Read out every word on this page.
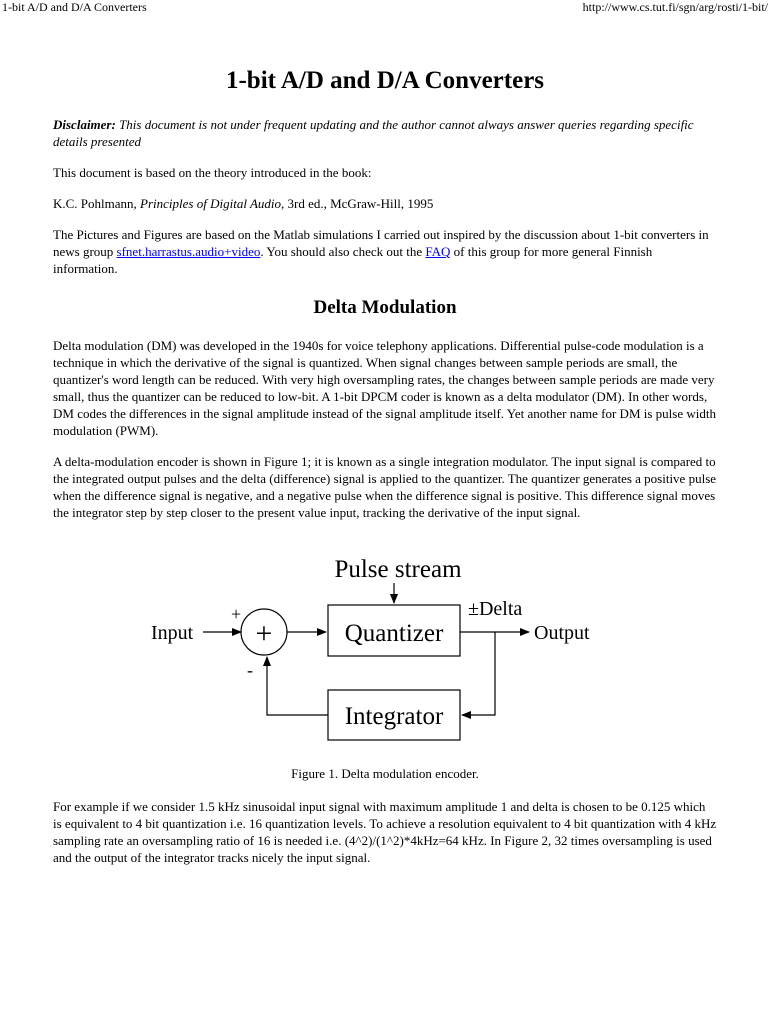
1-bit A/D and D/A Converters	http://www.cs.tut.fi/sgn/arg/rosti/1-bit/
1-bit A/D and D/A Converters

Disclaimer: This document is not under frequent updating and the author cannot always answer queries regarding specific details presented

This document is based on the theory introduced in the book:

K.C. Pohlmann, Principles of Digital Audio, 3rd ed., McGraw-Hill, 1995

The Pictures and Figures are based on the Matlab simulations I carried out inspired by the discussion about 1-bit converters in news group sfnet.harrastus.audio+video. You should also check out the FAQ of this group for more general Finnish information.

Delta Modulation

Delta modulation (DM) was developed in the 1940s for voice telephony applications. Differential pulse-code modulation is a technique in which the derivative of the signal is quantized. When signal changes between sample periods are small, the quantizer's word length can be reduced. With very high oversampling rates, the changes between sample periods are made very small, thus the quantizer can be reduced to low-bit. A 1-bit DPCM coder is known as a delta modulator (DM). In other words, DM codes the differences in the signal amplitude instead of the signal amplitude itself. Yet another name for DM is pulse width modulation (PWM).

A delta-modulation encoder is shown in Figure 1; it is known as a single integration modulator. The input signal is compared to the integrated output pulses and the delta (difference) signal is applied to the quantizer. The quantizer generates a positive pulse when the difference signal is negative, and a negative pulse when the difference signal is positive. This difference signal moves the integrator step by step closer to the present value input, tracking the derivative of the input signal.

Pulse stream
Input
+
+	Quantizer
±Delta
Output
Integrator
-

Figure 1. Delta modulation encoder.

For example if we consider 1.5 kHz sinusoidal input signal with maximum amplitude 1 and delta is chosen to be 0.125 which is equivalent to 4 bit quantization i.e. 16 quantization levels. To achieve a resolution equivalent to 4 bit quantization with 4 kHz sampling rate an oversampling ratio of 16 is needed i.e. (4^2)/(1^2)*4kHz=64 kHz. In Figure 2, 32 times oversampling is used and the output of the integrator tracks nicely the input signal.
